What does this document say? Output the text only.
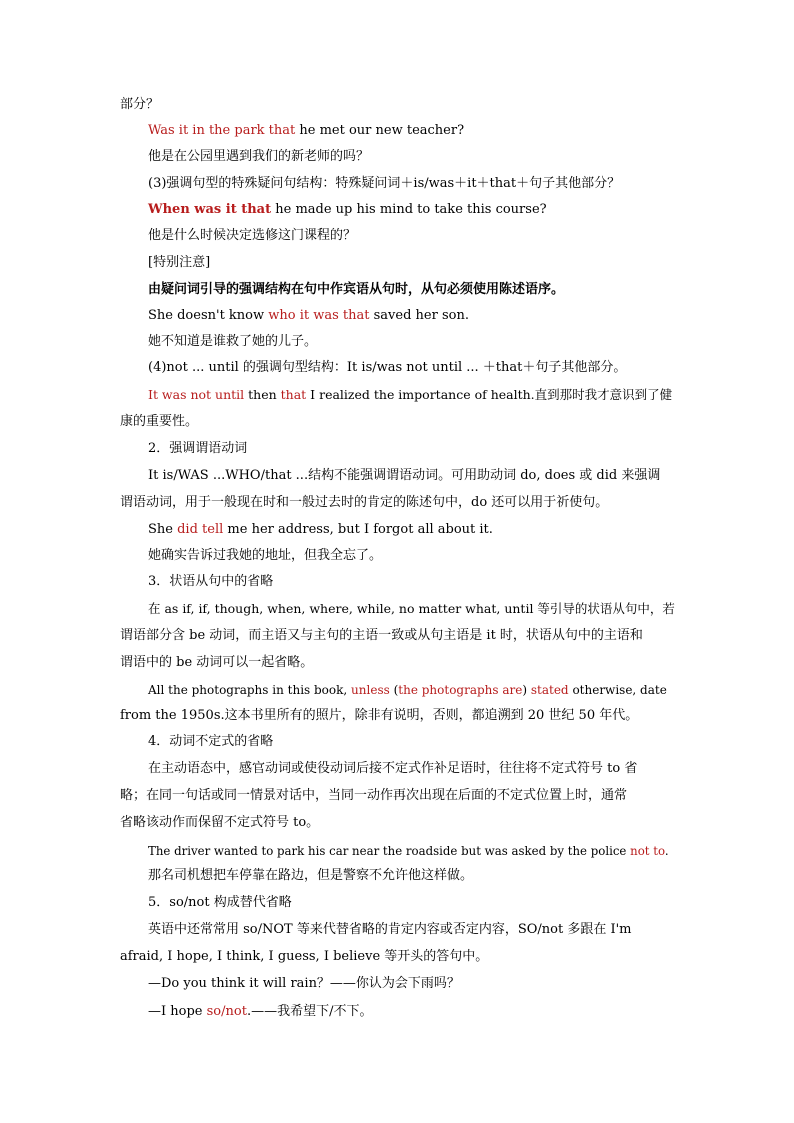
部分？
Was it in the park that he met our new teacher?
他是在公园里遇到我们的新老师的吗？
(3)强调句型的特殊疑问句结构：特殊疑问词＋is/was＋it＋that＋句子其他部分？
When was it that he made up his mind to take this course?
他是什么时候决定选修这门课程的？
[特别注意]
由疑问词引导的强调结构在句中作宾语从句时，从句必须使用陈述语序。
She doesn't know who it was that saved her son.
她不知道是谁救了她的儿子。
(4)not ... until 的强调句型结构：It is/was not until ... ＋that＋句子其他部分。
It was not until then that I realized the importance of health.直到那时我才意识到了健
康的重要性。
2．强调谓语动词
It is/WAS ...WHO/that ...结构不能强调谓语动词。可用助动词 do, does 或 did 来强调
谓语动词，用于一般现在时和一般过去时的肯定的陈述句中，do 还可以用于祈使句。
She did tell me her address, but I forgot all about it.
她确实告诉过我她的地址，但我全忘了。
3．状语从句中的省略
在 as if, if, though, when, where, while, no matter what, until 等引导的状语从句中，若
谓语部分含 be 动词，而主语又与主句的主语一致或从句主语是 it 时，状语从句中的主语和
谓语中的 be 动词可以一起省略。
All the photographs in this book, unless (the photographs are) stated otherwise, date
from the 1950s.这本书里所有的照片，除非有说明，否则，都追溯到 20 世纪 50 年代。
4．动词不定式的省略
在主动语态中，感官动词或使役动词后接不定式作补足语时，往往将不定式符号 to 省
略；在同一句话或同一情景对话中，当同一动作再次出现在后面的不定式位置上时，通常
省略该动作而保留不定式符号 to。
The driver wanted to park his car near the roadside but was asked by the police not to.
那名司机想把车停靠在路边，但是警察不允许他这样做。
5．so/not 构成替代省略
英语中还常常用 so/NOT 等来代替省略的肯定内容或否定内容，SO/not 多跟在 I'm
afraid, I hope, I think, I guess, I believe 等开头的答句中。
—Do you think it will rain？——你认为会下雨吗？
—I hope so/not.——我希望下/不下。
